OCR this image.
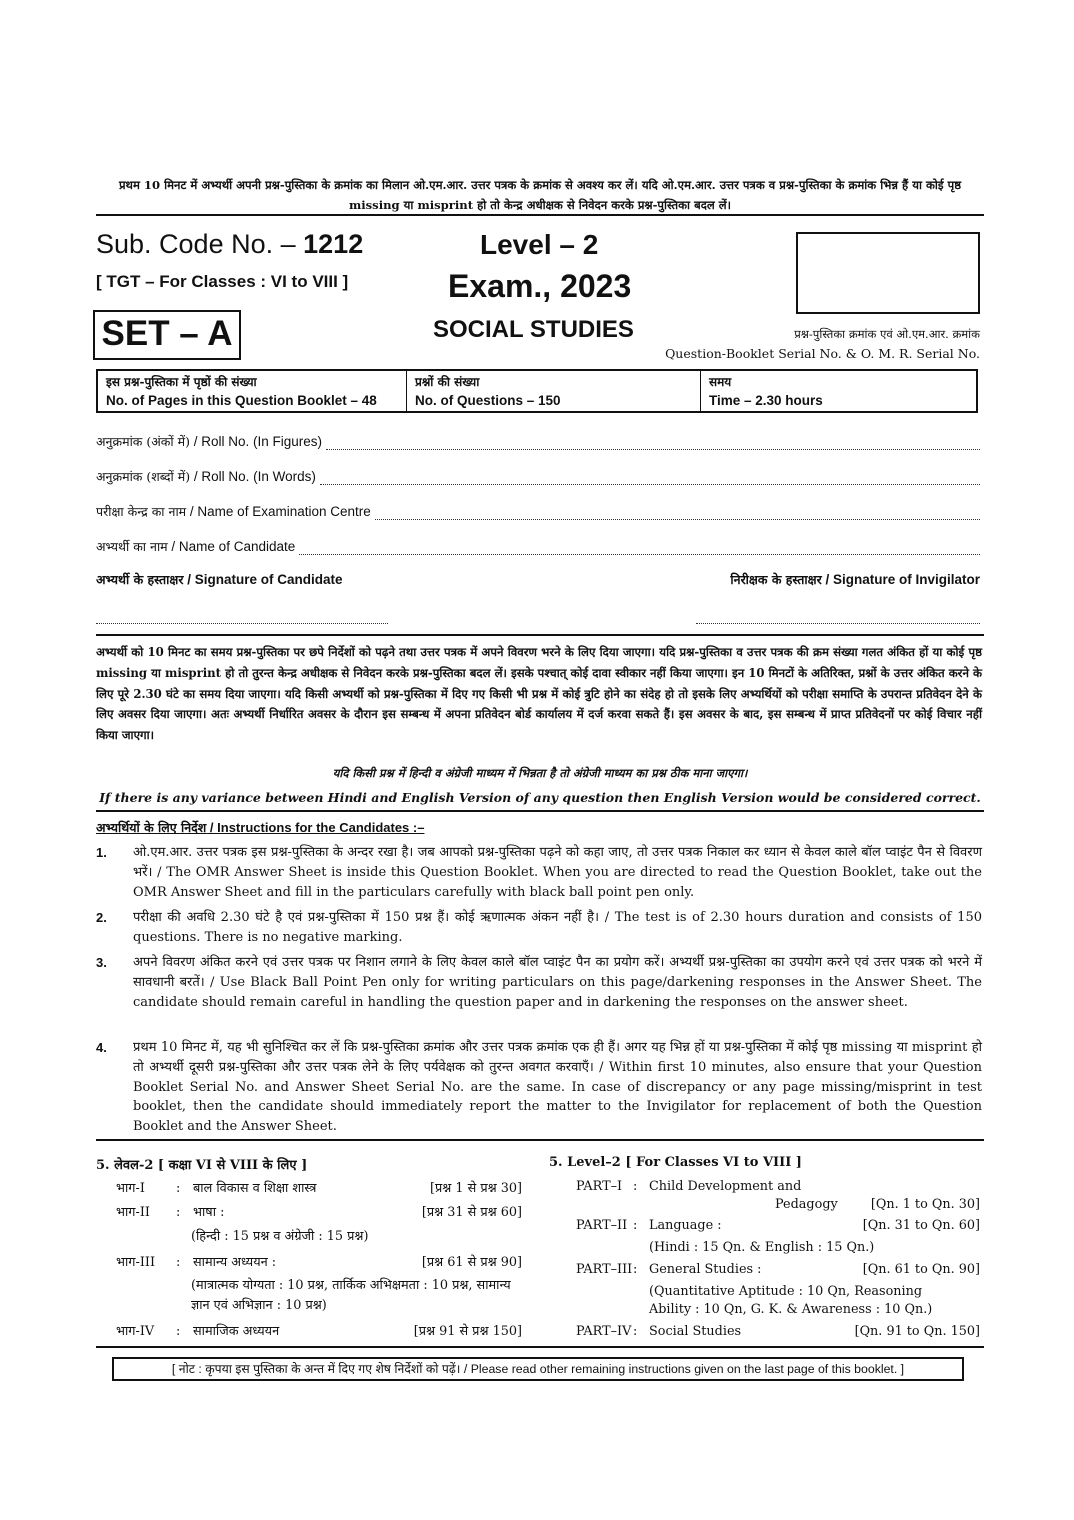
प्रथम 10 मिनट में अभ्यर्थी अपनी प्रश्न-पुस्तिका के क्रमांक का मिलान ओ.एम.आर. उत्तर पत्रक के क्रमांक से अवश्य कर लें। यदि ओ.एम.आर. उत्तर पत्रक व प्रश्न-पुस्तिका के क्रमांक भिन्न हैं या कोई पृष्ठ missing या misprint हो तो केन्द्र अधीक्षक से निवेदन करके प्रश्न-पुस्तिका बदल लें।
Sub. Code No. – 1212
[ TGT – For Classes : VI to VIII ]
SET – A
Level – 2
Exam., 2023
SOCIAL STUDIES	प्रश्न-पुस्तिका क्रमांक एवं ओ.एम.आर. क्रमांक
Question-Booklet Serial No. & O. M. R. Serial No.
इस प्रश्न-पुस्तिका में पृष्ठों की संख्या
No. of Pages in this Question Booklet – 48
प्रश्नों की संख्या
No. of Questions – 150
समय
Time – 2.30 hours
अनुक्रमांक (अंकों में) / Roll No. (In Figures)
अनुक्रमांक (शब्दों में) / Roll No. (In Words)
परीक्षा केन्द्र का नाम / Name of Examination Centre
अभ्यर्थी का नाम / Name of Candidate
अभ्यर्थी के हस्ताक्षर / Signature of Candidate	निरीक्षक के हस्ताक्षर / Signature of Invigilator
अभ्यर्थी को 10 मिनट का समय प्रश्न-पुस्तिका पर छपे निर्देशों को पढ़ने तथा उत्तर पत्रक में अपने विवरण भरने के लिए दिया जाएगा। यदि प्रश्न-पुस्तिका व उत्तर पत्रक की क्रम संख्या गलत अंकित हों या कोई पृष्ठ missing या misprint हो तो तुरन्त केन्द्र अधीक्षक से निवेदन करके प्रश्न-पुस्तिका बदल लें। इसके पश्चात् कोई दावा स्वीकार नहीं किया जाएगा। इन 10 मिनटों के अतिरिक्त, प्रश्नों के उत्तर अंकित करने के लिए पूरे 2.30 घंटे का समय दिया जाएगा। यदि किसी अभ्यर्थी को प्रश्न-पुस्तिका में दिए गए किसी भी प्रश्न में कोई त्रुटि होने का संदेह हो तो इसके लिए अभ्यर्थियों को परीक्षा समाप्ति के उपरान्त प्रतिवेदन देने के लिए अवसर दिया जाएगा। अतः अभ्यर्थी निर्धारित अवसर के दौरान इस सम्बन्ध में अपना प्रतिवेदन बोर्ड कार्यालय में दर्ज करवा सकते हैं। इस अवसर के बाद, इस सम्बन्ध में प्राप्त प्रतिवेदनों पर कोई विचार नहीं किया जाएगा।
यदि किसी प्रश्न में हिन्दी व अंग्रेजी माध्यम में भिन्नता है तो अंग्रेजी माध्यम का प्रश्न ठीक माना जाएगा।
If there is any variance between Hindi and English Version of any question then English Version would be considered correct.
अभ्यर्थियों के लिए निर्देश / Instructions for the Candidates :–
1.	ओ.एम.आर. उत्तर पत्रक इस प्रश्न-पुस्तिका के अन्दर रखा है। जब आपको प्रश्न-पुस्तिका पढ़ने को कहा जाए, तो उत्तर पत्रक निकाल कर ध्यान से केवल काले बॉल प्वाइंट पैन से विवरण भरें। / The OMR Answer Sheet is inside this Question Booklet. When you are directed to read the Question Booklet, take out the OMR Answer Sheet and fill in the particulars carefully with black ball point pen only.
2.	परीक्षा की अवधि 2.30 घंटे है एवं प्रश्न-पुस्तिका में 150 प्रश्न हैं। कोई ऋणात्मक अंकन नहीं है। / The test is of 2.30 hours duration and consists of 150 questions. There is no negative marking.
3.	अपने विवरण अंकित करने एवं उत्तर पत्रक पर निशान लगाने के लिए केवल काले बॉल प्वाइंट पैन का प्रयोग करें। अभ्यर्थी प्रश्न-पुस्तिका का उपयोग करने एवं उत्तर पत्रक को भरने में सावधानी बरतें। / Use Black Ball Point Pen only for writing particulars on this page/darkening responses in the Answer Sheet. The candidate should remain careful in handling the question paper and in darkening the responses on the answer sheet.
4.	प्रथम 10 मिनट में, यह भी सुनिश्चित कर लें कि प्रश्न-पुस्तिका क्रमांक और उत्तर पत्रक क्रमांक एक ही हैं। अगर यह भिन्न हों या प्रश्न-पुस्तिका में कोई पृष्ठ missing या misprint हो तो अभ्यर्थी दूसरी प्रश्न-पुस्तिका और उत्तर पत्रक लेने के लिए पर्यवेक्षक को तुरन्त अवगत करवाएँ। / Within first 10 minutes, also ensure that your Question Booklet Serial No. and Answer Sheet Serial No. are the same. In case of discrepancy or any page missing/misprint in test booklet, then the candidate should immediately report the matter to the Invigilator for replacement of both the Question Booklet and the Answer Sheet.
5. लेवल-2 [ कक्षा VI से VIII के लिए ]
भाग-I : बाल विकास व शिक्षा शास्त्र	[प्रश्न 1 से प्रश्न 30]
भाग-II : भाषा :	[प्रश्न 31 से प्रश्न 60]
(हिन्दी : 15 प्रश्न व अंग्रेजी : 15 प्रश्न)
भाग-III : सामान्य अध्ययन :	[प्रश्न 61 से प्रश्न 90]
(मात्रात्मक योग्यता : 10 प्रश्न, तार्किक अभिक्षमता : 10 प्रश्न, सामान्य ज्ञान एवं अभिज्ञान : 10 प्रश्न)
भाग-IV : सामाजिक अध्ययन	[प्रश्न 91 से प्रश्न 150]
5. Level–2 [ For Classes VI to VIII ]
PART–I : Child Development and
Pedagogy	[Qn. 1 to Qn. 30]
PART–II : Language :	[Qn. 31 to Qn. 60]
(Hindi : 15 Qn. & English : 15 Qn.)
PART–III : General Studies :	[Qn. 61 to Qn. 90]
(Quantitative Aptitude : 10 Qn, Reasoning
Ability : 10 Qn, G. K. & Awareness : 10 Qn.)
PART–IV : Social Studies	[Qn. 91 to Qn. 150]
[ नोट : कृपया इस पुस्तिका के अन्त में दिए गए शेष निर्देशों को पढ़ें। / Please read other remaining instructions given on the last page of this booklet. ]
